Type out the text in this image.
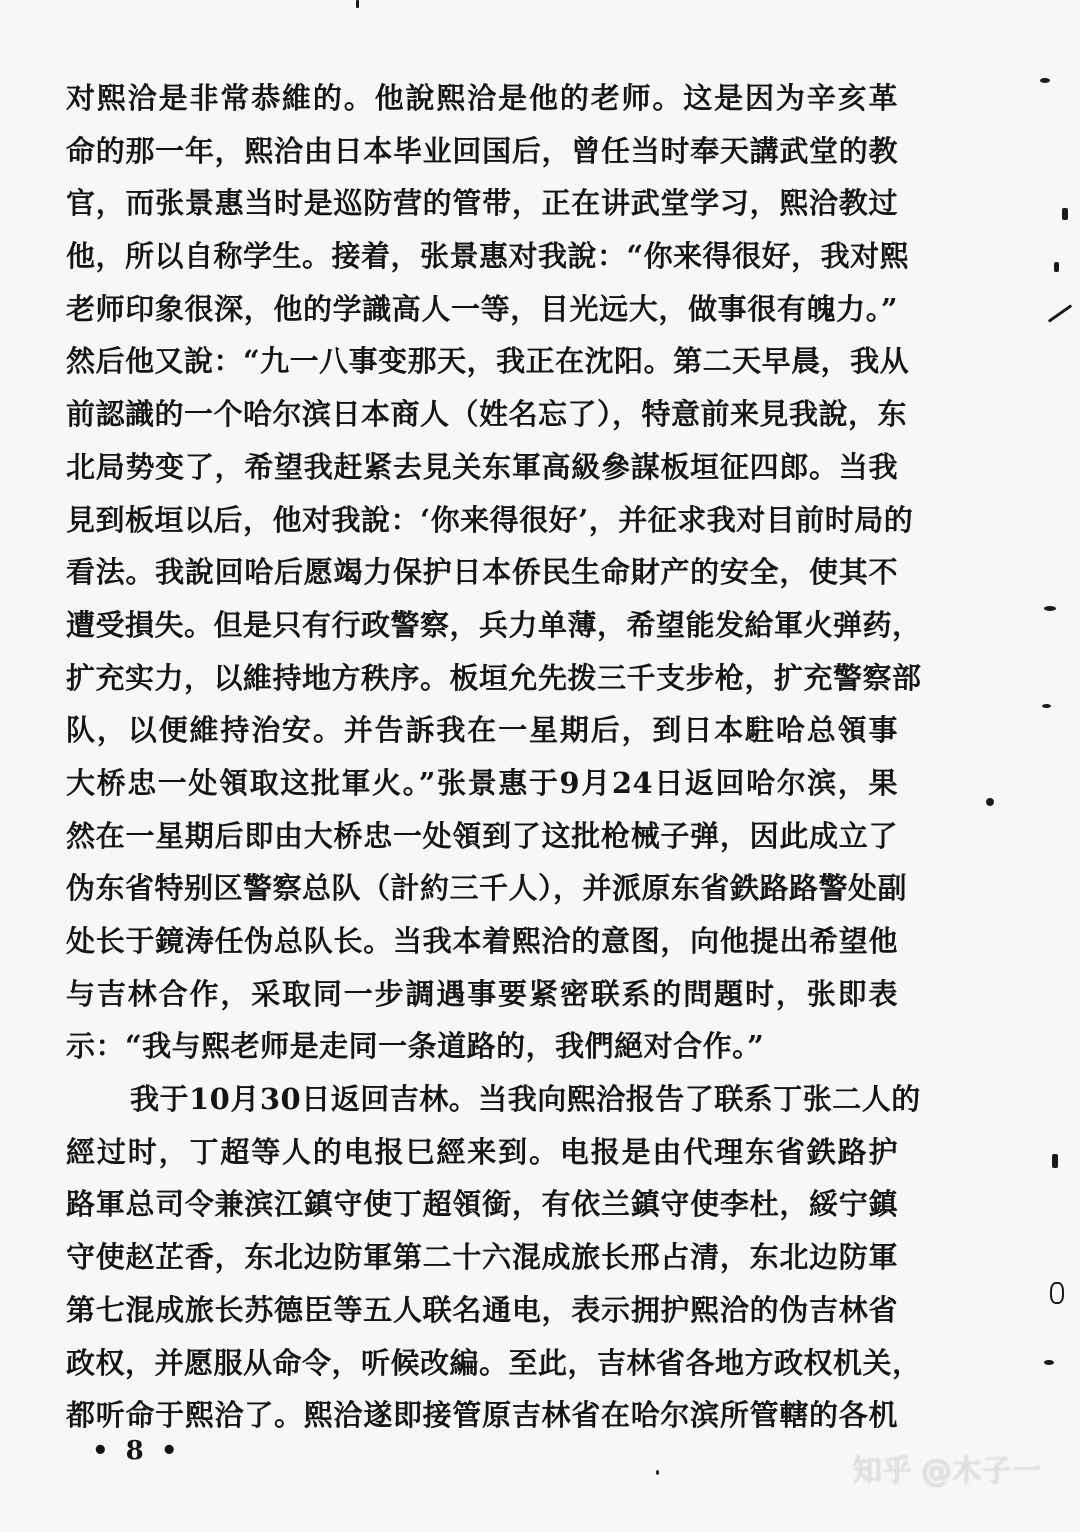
对熙洽是非常恭維的。他說熙洽是他的老师。这是因为辛亥革
命的那一年，熙洽由日本毕业回国后，曾任当时奉天講武堂的教
官，而张景惠当时是巡防营的管带，正在讲武堂学习，熙洽教过
他，所以自称学生。接着，张景惠对我說：“你来得很好，我对熙
老师印象很深，他的学識高人一等，目光远大，做事很有魄力。”
然后他又說：“九一八事变那天，我正在沈阳。第二天早晨，我从
前認識的一个哈尔滨日本商人（姓名忘了），特意前来見我說，东
北局势变了，希望我赶紧去見关东軍高級參謀板垣征四郎。当我
見到板垣以后，他对我說：‘你来得很好’，并征求我对目前时局的
看法。我說回哈后愿竭力保护日本侨民生命財产的安全，使其不
遭受損失。但是只有行政警察，兵力单薄，希望能发給軍火弹药，
扩充实力，以維持地方秩序。板垣允先拨三千支步枪，扩充警察部
队，以便維持治安。并告訴我在一星期后，到日本駐哈总領事
大桥忠一处領取这批軍火。”张景惠于9月24日返回哈尔滨，果
然在一星期后即由大桥忠一处領到了这批枪械子弹，因此成立了
伪东省特别区警察总队（計約三千人），并派原东省鉄路路警处副
处长于鏡涛任伪总队长。当我本着熙洽的意图，向他提出希望他
与吉林合作，采取同一步調遇事要紧密联系的問題时，张即表
示：“我与熙老师是走同一条道路的，我們絕对合作。”
我于10月30日返回吉林。当我向熙洽报告了联系丁张二人的
經过时，丁超等人的电报巳經来到。电报是由代理东省鉄路护
路軍总司令兼滨江鎮守使丁超領銜，有依兰鎮守使李杜，綏宁鎮
守使赵芷香，东北边防軍第二十六混成旅长邢占清，东北边防軍
第七混成旅长苏德臣等五人联名通电，表示拥护熙洽的伪吉林省
政权，并愿服从命令，听候改編。至此，吉林省各地方政权机关，
都听命于熙洽了。熙洽遂即接管原吉林省在哈尔滨所管轄的各机
• 8 •
知乎 @木子一
